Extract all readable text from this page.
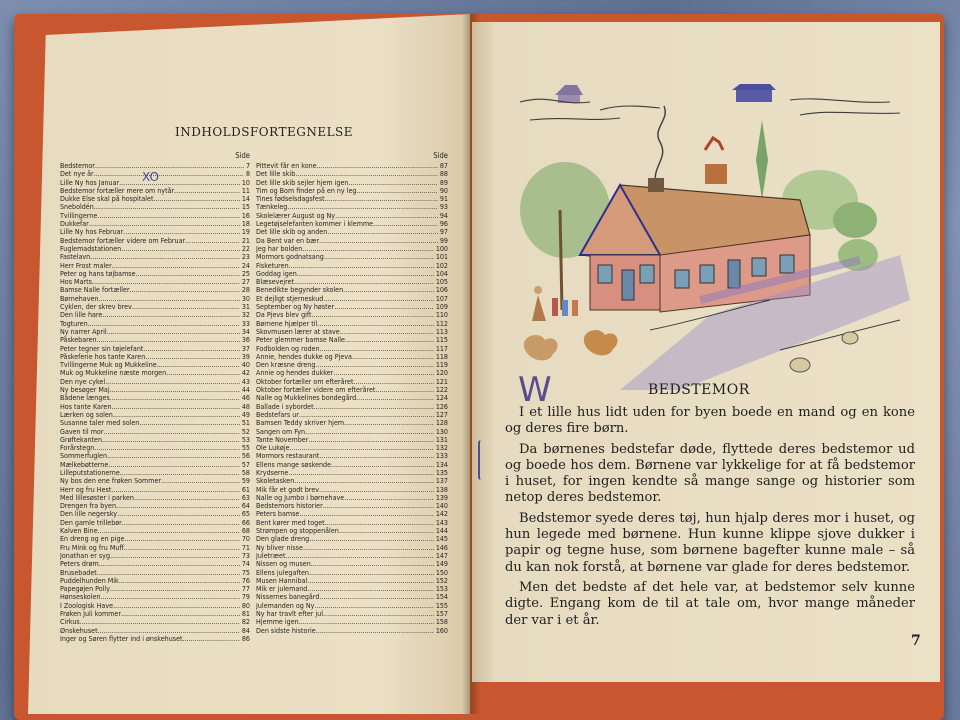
INDHOLDSFORTEGNELSE
XO
Side
Bedstemor .....	7
Det nye år .....	8
Lille Ny hos Januar .....	10
Bedstemor fortæller mere om nytår .....	11
Dukke Else skal på hospitalet .....	14
Sneboldén .....	15
Tvillingerne .....	16
Dukkefar .....	18
Lille Ny hos Februar .....	19
Bedstemor fortæller videre om Februar .....	21
Fuglemadstationen .....	22
Fastelavn .....	23
Herr Frost maler .....	24
Peter og hans tøjbamse .....	25
Hos Marts .....	27
Bamse Nalle fortæller .....	28
Børnehaven .....	30
Cyklen, der skrev brev .....	31
Den lille hare .....	32
Togturen .....	33
Ny narrer April .....	34
Påskebaren .....	36
Peter tegner sin tøjelefant .....	37
Påskeferie hos tante Karen .....	39
Tvillingerne Muk og Mukkeline .....	40
Muk og Mukkeline næste morgen .....	42
Den nye cykel .....	43
Ny besøger Maj .....	44
Bådene længes .....	46
Hos tante Karen .....	48
Lærken og solen .....	49
Susanne taler med solen .....	51
Gaven til mor .....	52
Grøftekanten .....	53
Forårstegn .....	55
Sommerfuglen .....	56
Mælkebøtterne .....	57
Lilleputstationerne .....	58
Ny bos den ene frøken Sommer .....	59
Herr og fru Hest .....	61
Med lillesøster i parken .....	63
Drengen fra byen .....	64
Den lille negersky .....	65
Den gamle trillebør .....	66
Kalven Bine .....	68
En dreng og en pige .....	70
Fru Mink og fru Muff .....	71
Jonathan er syg .....	73
Peters drøm .....	74
Brusebadet .....	75
Puddelhunden Mik .....	76
Papegøjen Polly .....	77
Hønseskolen .....	79
I Zoologisk Have .....	80
Frøken Juli kommer .....	81
Cirkus .....	82
Ønskehuset .....	84
Inger og Søren flytter ind i ønskehuset .....	86
Side
Pittevit får en kone .....	87
Det lille skib .....	88
Det lille skib sejler hjem igen .....	89
Tim og Bom finder på en ny leg .....	90
Tines fødselsdagsfest .....	91
Tænkeleg .....	93
Skolelærer August og Ny .....	94
Legetøjselefanten kommer i klemme .....	96
Det lille skib og anden .....	97
Da Bent var en bær .....	99
Jeg har bolden .....	100
Mormors godnatsang .....	101
Fisketuren .....	102
Goddag igen .....	104
Blæsevejret .....	105
Benedikte begynder skolen .....	106
Et dejligt stjerneskud .....	107
September og Ny høster .....	109
Da Pjevs blev gift .....	110
Børnene hjælper til .....	112
Skovmusen lærer at stave .....	113
Peter glemmer bamse Nalle .....	115
Fodbolden og roden .....	117
Annie, hendes dukke og Pjeva .....	118
Den kræsne dreng .....	119
Annie og hendes dukker .....	120
Oktober fortæller om efteråret .....	121
Oktober fortæller videre om efteråret .....	122
Nalle og Mukkelines bondegård .....	124
Ballade i sybordet .....	126
Bedstefars ur .....	127
Bamsen Teddy skriver hjem .....	128
Sangen om Fyn .....	130
Tante November .....	131
Ole Lukøje .....	132
Mormors restaurant .....	133
Ellens mange søskende .....	134
Krydserne .....	135
Skoletasken .....	137
Mik får et godt brev .....	138
Nalle og Jumbo i børnehave .....	139
Bedstemors historier .....	140
Peters bamse .....	142
Bent kører med toget .....	143
Strømpen og stoppenålen .....	144
Den glade dreng .....	145
Ny bliver nisse .....	146
Juletræet .....	147
Nissen og musen .....	149
Ellens julegaften .....	150
Musen Hannibal .....	152
Mik er julemand .....	153
Nissernes banegård .....	154
Julemanden og Ny .....	155
Ny har travlt efter jul .....	157
Hjemme igen .....	158
Den sidste historie .....	160
W	BEDSTEMOR

I et lille hus lidt uden for byen boede en mand og en kone og deres fire børn.

Da børnenes bedstefar døde, flyttede deres bedstemor ud og boede hos dem. Børnene var lykkelige for at få bedstemor i huset, for ingen kendte så mange sange og historier som netop deres bedstemor.

Bedstemor syede deres tøj, hun hjalp deres mor i huset, og hun legede med børnene. Hun kunne klippe sjove dukker i papir og tegne huse, som børnene bagefter kunne male – så du kan nok forstå, at børnene var glade for deres bedstemor.

Men det bedste af det hele var, at bedstemor selv kunne digte. Engang kom de til at tale om, hvor mange måneder der var i et år.

7
